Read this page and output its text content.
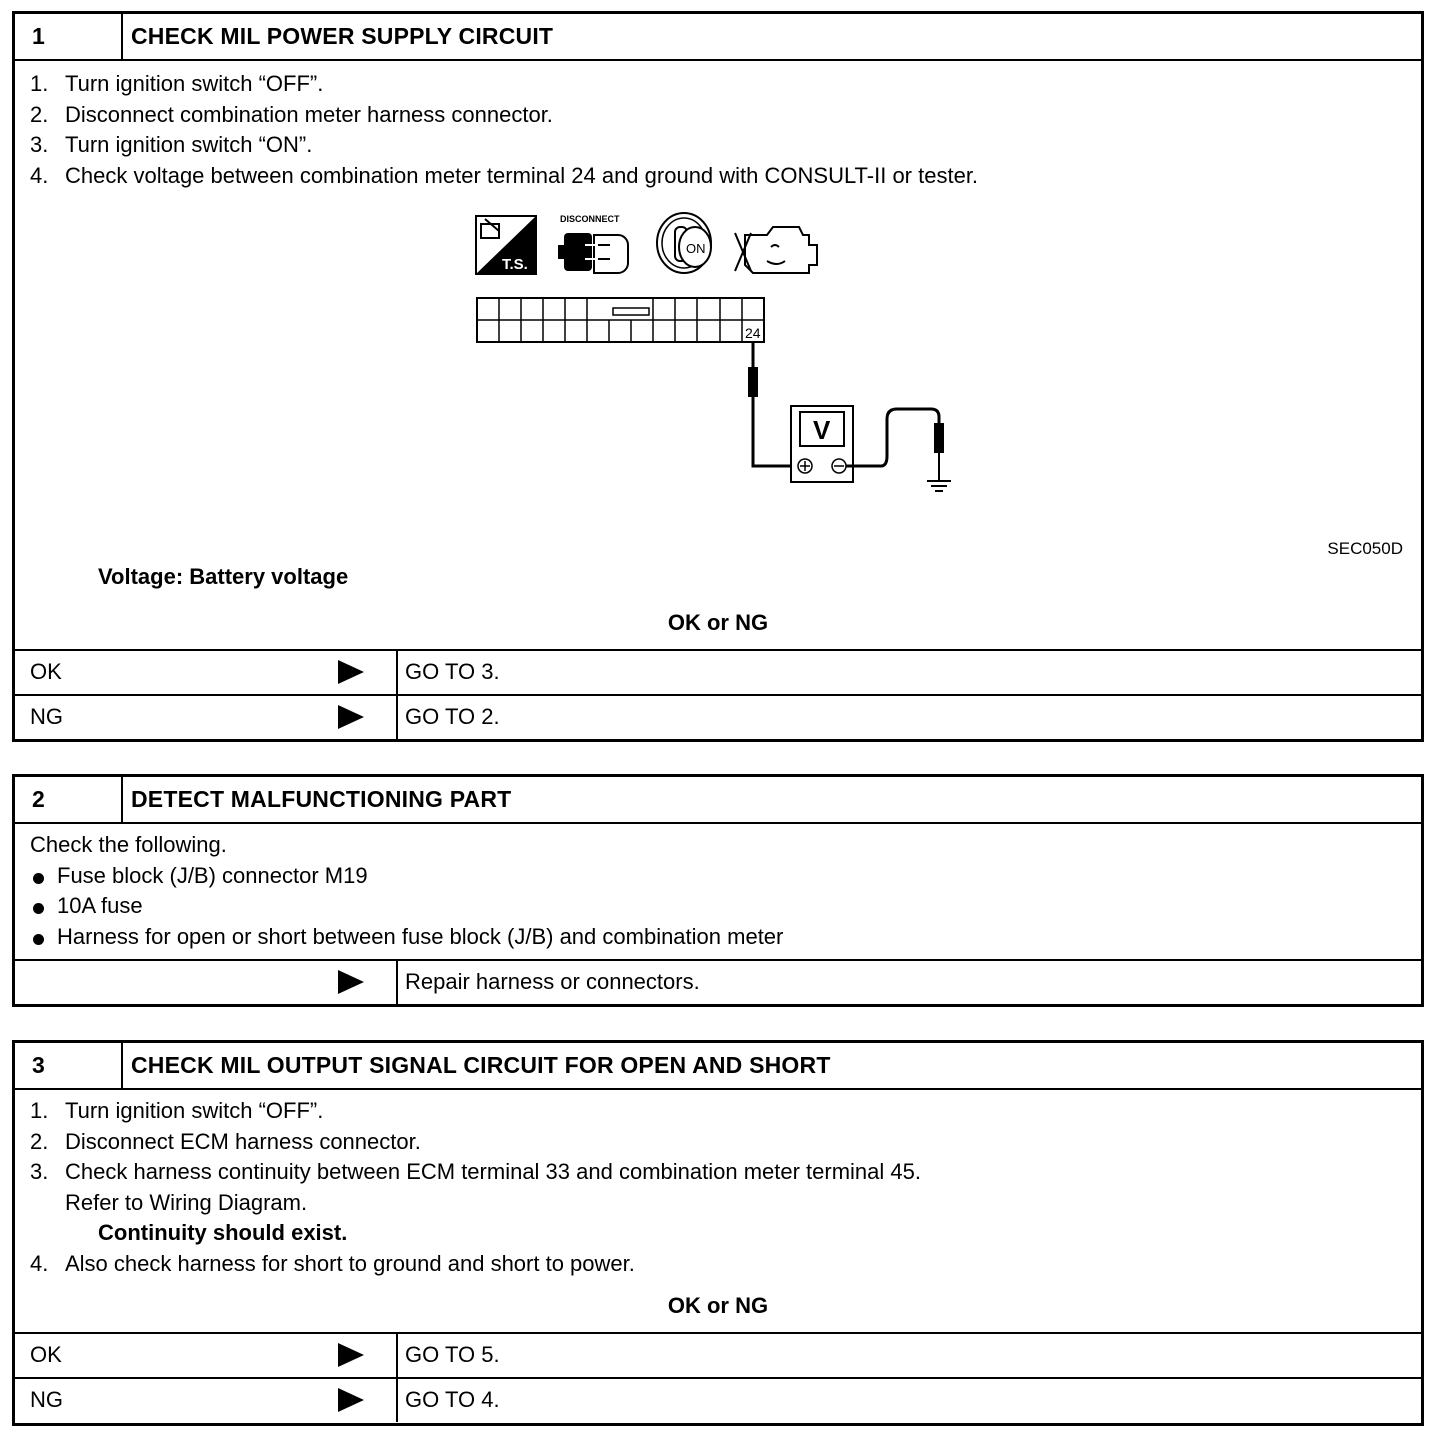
1	CHECK MIL POWER SUPPLY CIRCUIT
1. Turn ignition switch “OFF”.
2. Disconnect combination meter harness connector.
3. Turn ignition switch “ON”.
4. Check voltage between combination meter terminal 24 and ground with CONSULT-II or tester.
T.S.
DISCONNECT
ON
24
V
SEC050D
Voltage: Battery voltage
OK or NG
OK	GO TO 3.
NG	GO TO 2.
2	DETECT MALFUNCTIONING PART
Check the following.
Fuse block (J/B) connector M19
10A fuse
Harness for open or short between fuse block (J/B) and combination meter
Repair harness or connectors.
3	CHECK MIL OUTPUT SIGNAL CIRCUIT FOR OPEN AND SHORT
1. Turn ignition switch “OFF”.
2. Disconnect ECM harness connector.
3. Check harness continuity between ECM terminal 33 and combination meter terminal 45.
Refer to Wiring Diagram.
Continuity should exist.
4. Also check harness for short to ground and short to power.
OK or NG
OK	GO TO 5.
NG	GO TO 4.
